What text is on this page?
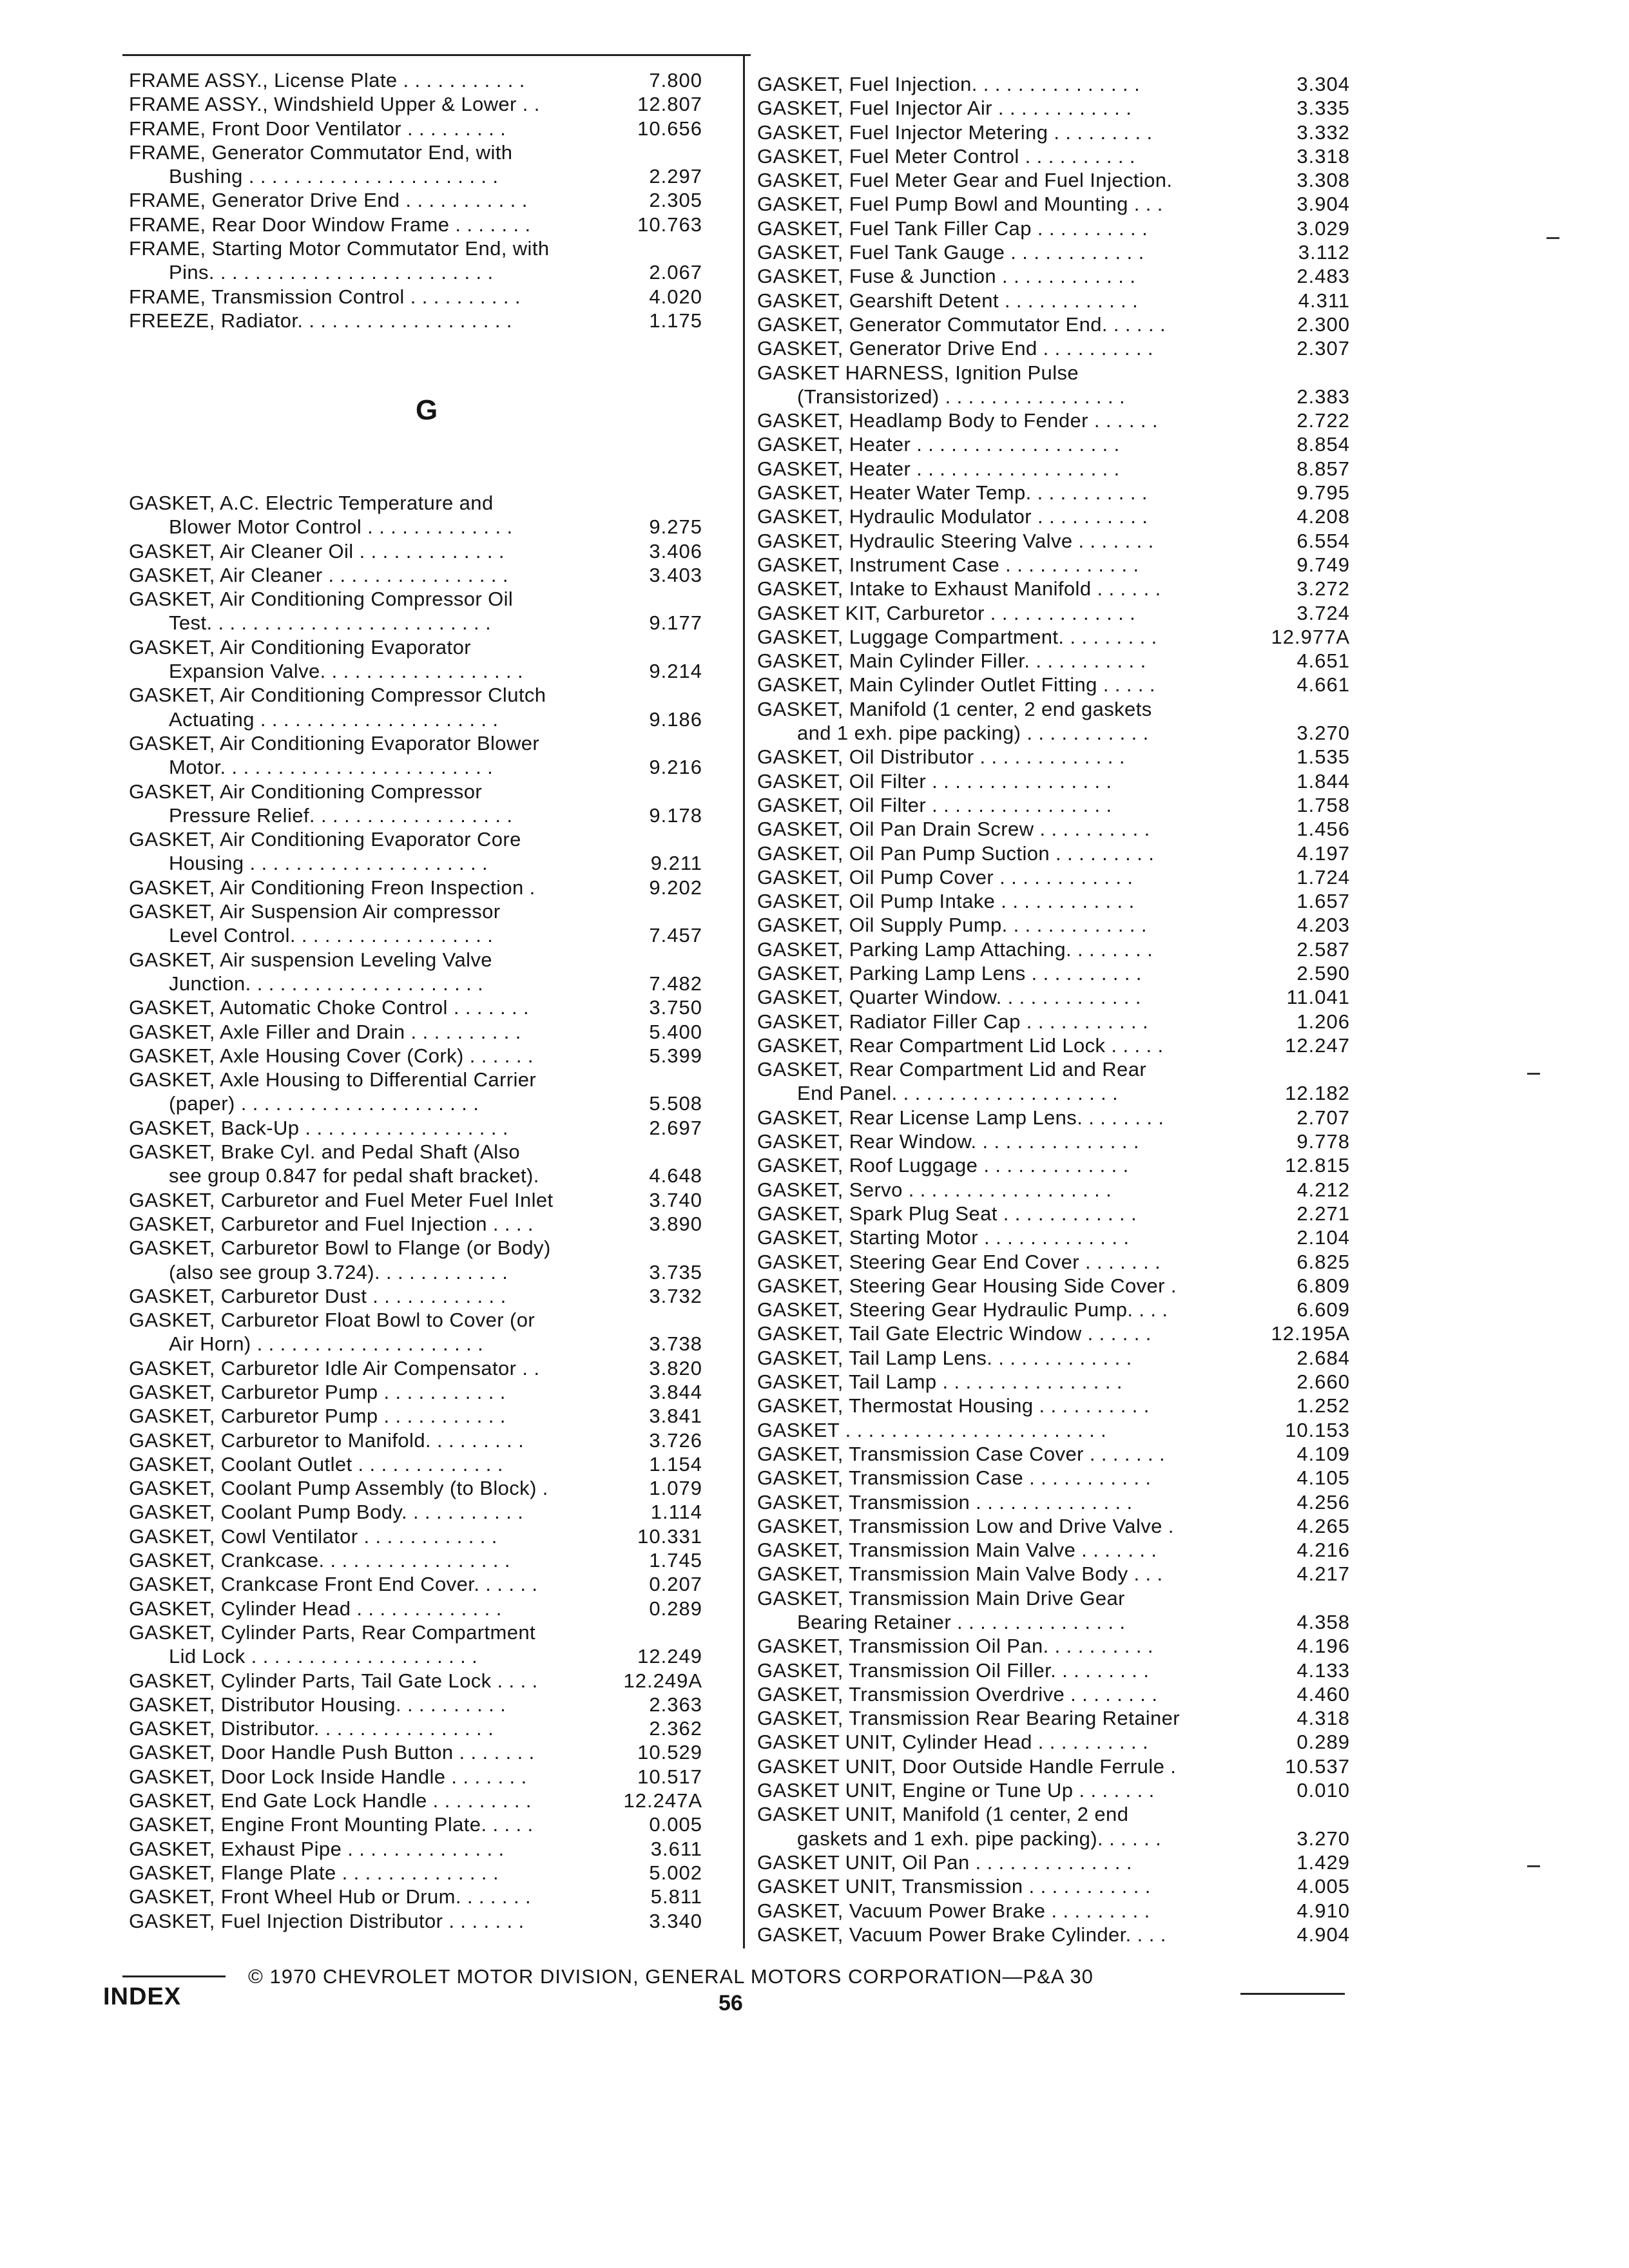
FRAME ASSY., License Plate . . . . . . . . . . .	7.800
FRAME ASSY., Windshield Upper & Lower . .	12.807
FRAME, Front Door Ventilator . . . . . . . . .	10.656
FRAME, Generator Commutator End, with
Bushing . . . . . . . . . . . . . . . . . . . . . .	2.297
FRAME, Generator Drive End . . . . . . . . . . .	2.305
FRAME, Rear Door Window Frame . . . . . . .	10.763
FRAME, Starting Motor Commutator End, with
Pins. . . . . . . . . . . . . . . . . . . . . . . . .	2.067
FRAME, Transmission Control . . . . . . . . . .	4.020
FREEZE, Radiator. . . . . . . . . . . . . . . . . . .	1.175
G
GASKET, A.C. Electric Temperature and
Blower Motor Control . . . . . . . . . . . . .	9.275
GASKET, Air Cleaner Oil . . . . . . . . . . . . .	3.406
GASKET, Air Cleaner . . . . . . . . . . . . . . . .	3.403
GASKET, Air Conditioning Compressor Oil
Test. . . . . . . . . . . . . . . . . . . . . . . . .	9.177
GASKET, Air Conditioning Evaporator
Expansion Valve. . . . . . . . . . . . . . . . . .	9.214
GASKET, Air Conditioning Compressor Clutch
Actuating . . . . . . . . . . . . . . . . . . . . .	9.186
GASKET, Air Conditioning Evaporator Blower
Motor. . . . . . . . . . . . . . . . . . . . . . . .	9.216
GASKET, Air Conditioning Compressor
Pressure Relief. . . . . . . . . . . . . . . . . .	9.178
GASKET, Air Conditioning Evaporator Core
Housing . . . . . . . . . . . . . . . . . . . . .	9.211
GASKET, Air Conditioning Freon Inspection .	9.202
GASKET, Air Suspension Air compressor
Level Control. . . . . . . . . . . . . . . . . .	7.457
GASKET, Air suspension Leveling Valve
Junction. . . . . . . . . . . . . . . . . . . . .	7.482
GASKET, Automatic Choke Control . . . . . . .	3.750
GASKET, Axle Filler and Drain . . . . . . . . . .	5.400
GASKET, Axle Housing Cover (Cork) . . . . . .	5.399
GASKET, Axle Housing to Differential Carrier
(paper) . . . . . . . . . . . . . . . . . . . . .	5.508
GASKET, Back-Up . . . . . . . . . . . . . . . . . .	2.697
GASKET, Brake Cyl. and Pedal Shaft (Also
see group 0.847 for pedal shaft bracket).	4.648
GASKET, Carburetor and Fuel Meter Fuel Inlet	3.740
GASKET, Carburetor and Fuel Injection . . . .	3.890
GASKET, Carburetor Bowl to Flange (or Body)
(also see group 3.724). . . . . . . . . . . .	3.735
GASKET, Carburetor Dust . . . . . . . . . . . .	3.732
GASKET, Carburetor Float Bowl to Cover (or
Air Horn) . . . . . . . . . . . . . . . . . . . .	3.738
GASKET, Carburetor Idle Air Compensator . .	3.820
GASKET, Carburetor Pump . . . . . . . . . . .	3.844
GASKET, Carburetor Pump . . . . . . . . . . .	3.841
GASKET, Carburetor to Manifold. . . . . . . . .	3.726
GASKET, Coolant Outlet . . . . . . . . . . . . .	1.154
GASKET, Coolant Pump Assembly (to Block) .	1.079
GASKET, Coolant Pump Body. . . . . . . . . . .	1.114
GASKET, Cowl Ventilator . . . . . . . . . . . .	10.331
GASKET, Crankcase. . . . . . . . . . . . . . . . .	1.745
GASKET, Crankcase Front End Cover. . . . . .	0.207
GASKET, Cylinder Head . . . . . . . . . . . . .	0.289
GASKET, Cylinder Parts, Rear Compartment
Lid Lock . . . . . . . . . . . . . . . . . . . .	12.249
GASKET, Cylinder Parts, Tail Gate Lock . . . .	12.249A
GASKET, Distributor Housing. . . . . . . . . .	2.363
GASKET, Distributor. . . . . . . . . . . . . . . .	2.362
GASKET, Door Handle Push Button . . . . . . .	10.529
GASKET, Door Lock Inside Handle . . . . . . .	10.517
GASKET, End Gate Lock Handle . . . . . . . . .	12.247A
GASKET, Engine Front Mounting Plate. . . . .	0.005
GASKET, Exhaust Pipe . . . . . . . . . . . . . .	3.611
GASKET, Flange Plate . . . . . . . . . . . . . .	5.002
GASKET, Front Wheel Hub or Drum. . . . . . .	5.811
GASKET, Fuel Injection Distributor . . . . . . .	3.340
GASKET, Fuel Injection. . . . . . . . . . . . . . .	3.304
GASKET, Fuel Injector Air . . . . . . . . . . . .	3.335
GASKET, Fuel Injector Metering . . . . . . . . .	3.332
GASKET, Fuel Meter Control . . . . . . . . . .	3.318
GASKET, Fuel Meter Gear and Fuel Injection.	3.308
GASKET, Fuel Pump Bowl and Mounting . . .	3.904
GASKET, Fuel Tank Filler Cap . . . . . . . . . .	3.029
GASKET, Fuel Tank Gauge . . . . . . . . . . . .	3.112
GASKET, Fuse & Junction . . . . . . . . . . . .	2.483
GASKET, Gearshift Detent . . . . . . . . . . . .	4.311
GASKET, Generator Commutator End. . . . . .	2.300
GASKET, Generator Drive End . . . . . . . . . .	2.307
GASKET HARNESS, Ignition Pulse
(Transistorized) . . . . . . . . . . . . . . . .	2.383
GASKET, Headlamp Body to Fender . . . . . .	2.722
GASKET, Heater . . . . . . . . . . . . . . . . . .	8.854
GASKET, Heater . . . . . . . . . . . . . . . . . .	8.857
GASKET, Heater Water Temp. . . . . . . . . . .	9.795
GASKET, Hydraulic Modulator . . . . . . . . . .	4.208
GASKET, Hydraulic Steering Valve . . . . . . .	6.554
GASKET, Instrument Case . . . . . . . . . . . .	9.749
GASKET, Intake to Exhaust Manifold . . . . . .	3.272
GASKET KIT, Carburetor . . . . . . . . . . . . .	3.724
GASKET, Luggage Compartment. . . . . . . . .	12.977A
GASKET, Main Cylinder Filler. . . . . . . . . . .	4.651
GASKET, Main Cylinder Outlet Fitting . . . . .	4.661
GASKET, Manifold (1 center, 2 end gaskets
and 1 exh. pipe packing) . . . . . . . . . . .	3.270
GASKET, Oil Distributor . . . . . . . . . . . . .	1.535
GASKET, Oil Filter . . . . . . . . . . . . . . . .	1.844
GASKET, Oil Filter . . . . . . . . . . . . . . . .	1.758
GASKET, Oil Pan Drain Screw . . . . . . . . . .	1.456
GASKET, Oil Pan Pump Suction . . . . . . . . .	4.197
GASKET, Oil Pump Cover . . . . . . . . . . . .	1.724
GASKET, Oil Pump Intake . . . . . . . . . . . .	1.657
GASKET, Oil Supply Pump. . . . . . . . . . . . .	4.203
GASKET, Parking Lamp Attaching. . . . . . . .	2.587
GASKET, Parking Lamp Lens . . . . . . . . . .	2.590
GASKET, Quarter Window. . . . . . . . . . . . .	11.041
GASKET, Radiator Filler Cap . . . . . . . . . . .	1.206
GASKET, Rear Compartment Lid Lock . . . . .	12.247
GASKET, Rear Compartment Lid and Rear
End Panel. . . . . . . . . . . . . . . . . . . .	12.182
GASKET, Rear License Lamp Lens. . . . . . . .	2.707
GASKET, Rear Window. . . . . . . . . . . . . . .	9.778
GASKET, Roof Luggage . . . . . . . . . . . . .	12.815
GASKET, Servo . . . . . . . . . . . . . . . . . .	4.212
GASKET, Spark Plug Seat . . . . . . . . . . . .	2.271
GASKET, Starting Motor . . . . . . . . . . . . .	2.104
GASKET, Steering Gear End Cover . . . . . . .	6.825
GASKET, Steering Gear Housing Side Cover .	6.809
GASKET, Steering Gear Hydraulic Pump. . . .	6.609
GASKET, Tail Gate Electric Window . . . . . .	12.195A
GASKET, Tail Lamp Lens. . . . . . . . . . . . .	2.684
GASKET, Tail Lamp . . . . . . . . . . . . . . . .	2.660
GASKET, Thermostat Housing . . . . . . . . . .	1.252
GASKET . . . . . . . . . . . . . . . . . . . . . . .	10.153
GASKET, Transmission Case Cover . . . . . . .	4.109
GASKET, Transmission Case . . . . . . . . . . .	4.105
GASKET, Transmission . . . . . . . . . . . . . .	4.256
GASKET, Transmission Low and Drive Valve .	4.265
GASKET, Transmission Main Valve . . . . . . .	4.216
GASKET, Transmission Main Valve Body . . .	4.217
GASKET, Transmission Main Drive Gear
Bearing Retainer . . . . . . . . . . . . . . .	4.358
GASKET, Transmission Oil Pan. . . . . . . . . .	4.196
GASKET, Transmission Oil Filler. . . . . . . . .	4.133
GASKET, Transmission Overdrive . . . . . . . .	4.460
GASKET, Transmission Rear Bearing Retainer	4.318
GASKET UNIT, Cylinder Head . . . . . . . . . .	0.289
GASKET UNIT, Door Outside Handle Ferrule .	10.537
GASKET UNIT, Engine or Tune Up . . . . . . .	0.010
GASKET UNIT, Manifold (1 center, 2 end
gaskets and 1 exh. pipe packing). . . . . .	3.270
GASKET UNIT, Oil Pan . . . . . . . . . . . . . .	1.429
GASKET UNIT, Transmission . . . . . . . . . . .	4.005
GASKET, Vacuum Power Brake . . . . . . . . .	4.910
GASKET, Vacuum Power Brake Cylinder. . . .	4.904
INDEX
© 1970 CHEVROLET MOTOR DIVISION, GENERAL MOTORS CORPORATION—P&A 30
56
